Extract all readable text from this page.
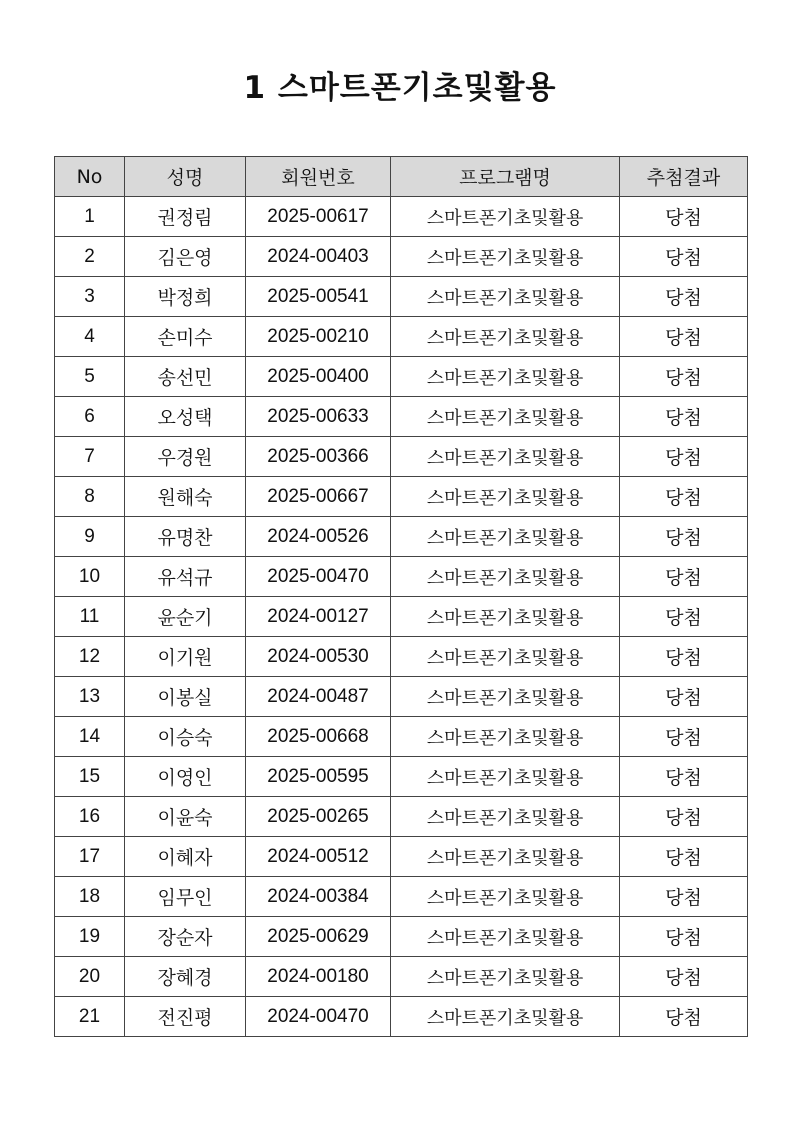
1 스마트폰기초및활용
No	성명	회원번호	프로그램명	추첨결과
1	권정림	2025-00617	스마트폰기초및활용	당첨
2	김은영	2024-00403	스마트폰기초및활용	당첨
3	박정희	2025-00541	스마트폰기초및활용	당첨
4	손미수	2025-00210	스마트폰기초및활용	당첨
5	송선민	2025-00400	스마트폰기초및활용	당첨
6	오성택	2025-00633	스마트폰기초및활용	당첨
7	우경원	2025-00366	스마트폰기초및활용	당첨
8	원해숙	2025-00667	스마트폰기초및활용	당첨
9	유명찬	2024-00526	스마트폰기초및활용	당첨
10	유석규	2025-00470	스마트폰기초및활용	당첨
11	윤순기	2024-00127	스마트폰기초및활용	당첨
12	이기원	2024-00530	스마트폰기초및활용	당첨
13	이봉실	2024-00487	스마트폰기초및활용	당첨
14	이승숙	2025-00668	스마트폰기초및활용	당첨
15	이영인	2025-00595	스마트폰기초및활용	당첨
16	이윤숙	2025-00265	스마트폰기초및활용	당첨
17	이혜자	2024-00512	스마트폰기초및활용	당첨
18	임무인	2024-00384	스마트폰기초및활용	당첨
19	장순자	2025-00629	스마트폰기초및활용	당첨
20	장혜경	2024-00180	스마트폰기초및활용	당첨
21	전진평	2024-00470	스마트폰기초및활용	당첨
